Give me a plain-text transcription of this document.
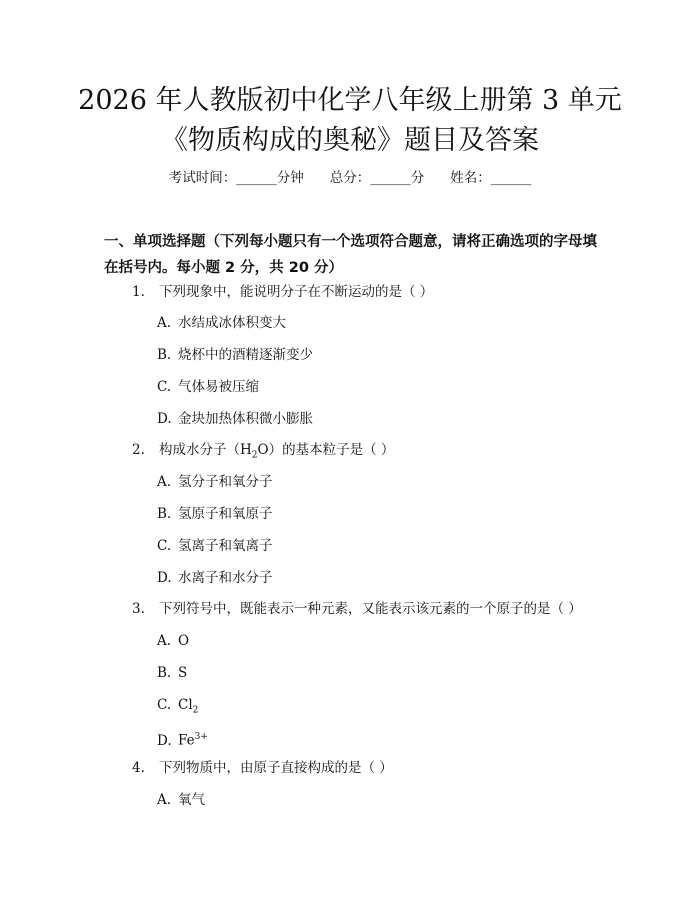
2026 年人教版初中化学八年级上册第 3 单元
《物质构成的奥秘》题目及答案
考试时间：______分钟 总分：______分 姓名：______
一、单项选择题（下列每小题只有一个选项符合题意，请将正确选项的字母填在括号内。每小题 2 分，共 20 分）
1. 下列现象中，能说明分子在不断运动的是（ ）
A. 水结成冰体积变大
B. 烧杯中的酒精逐渐变少
C. 气体易被压缩
D. 金块加热体积微小膨胀
2. 构成水分子$(H_2O)$的基本粒子是（ ）
A. 氢分子和氧分子
B. 氢原子和氧原子
C. 氢离子和氧离子
D. 水离子和水分子
3. 下列符号中，既能表示一种元素，又能表示该元素的一个原子的是（ ）
A. O
B. S
C. $Cl_2$
D. $Fe^{3+}$
4. 下列物质中，由原子直接构成的是（ ）
A. 氧气
